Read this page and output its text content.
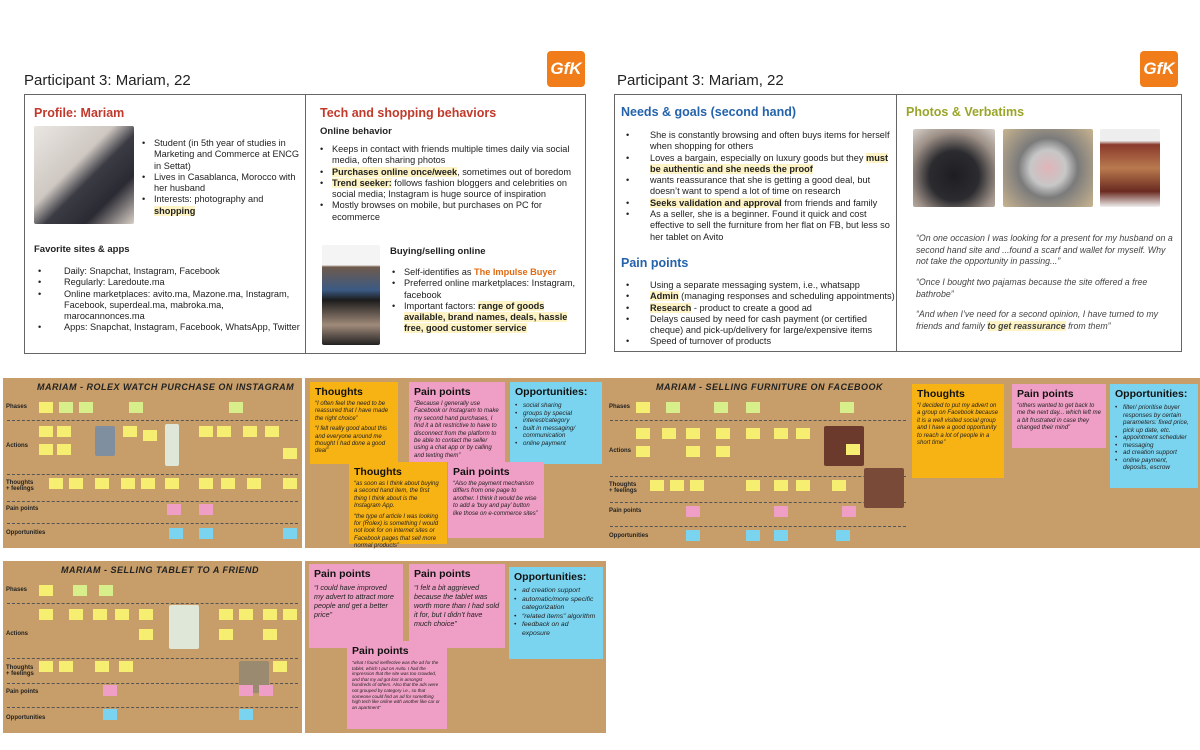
Participant 3: Mariam, 22
GfK
Profile: Mariam
• Student (in 5th year of studies in Marketing and Commerce at ENCG in Settat)
• Lives in Casablanca, Morocco with her husband
• Interests: photography and shopping
Favorite sites & apps
• Daily: Snapchat, Instagram, Facebook
• Regularly: Laredoute.ma
• Online marketplaces: avito.ma, Mazone.ma, Instagram, Facebook, superdeal.ma, mabroka.ma, marocannonces.ma
• Apps: Snapchat, Instagram, Facebook, WhatsApp, Twitter
Tech and shopping behaviors
Online behavior
• Keeps in contact with friends multiple times daily via social media, often sharing photos
• Purchases online once/week, sometimes out of boredom
• Trend seeker: follows fashion bloggers and celebrities on social media; Instagram is huge source of inspiration
• Mostly browses on mobile, but purchases on PC for ecommerce
Buying/selling online
• Self-identifies as The Impulse Buyer
• Preferred online marketplaces: Instagram, facebook
• Important factors: range of goods available, brand names, deals, hassle free, good customer service
Participant 3: Mariam, 22
GfK
Needs & goals (second hand)
• She is constantly browsing and often buys items for herself when shopping for others
• Loves a bargain, especially on luxury goods but they must be authentic and she needs the proof
• wants reassurance that she is getting a good deal, but doesn’t want to spend a lot of time on research
• Seeks validation and approval from friends and family
• As a seller, she is a beginner. Found it quick and cost effective to sell the furniture from her flat on FB, but less so her tablet on Avito
Pain points
• Using a separate messaging system, i.e., whatsapp
• Admin (managing responses and scheduling appointments)
• Research - product to create a good ad
• Delays caused by need for cash payment (or certified cheque) and pick-up/delivery for large/expensive items
• Speed of turnover of products
Photos & Verbatims
“On one occasion I was looking for a present for my husband on a second hand site and ...found a scarf and wallet for myself. Why not take the opportunity in passing...”
“Once I bought two pajamas because the site offered a free bathrobe”
“And when I’ve need for a second opinion, I have turned to my friends and family to get reassurance from them”
MARIAM - ROLEX WATCH PURCHASE ON INSTAGRAM
Phases
Actions
Thoughts + feelings
Pain points
Opportunities
MARIAM - SELLING FURNITURE ON FACEBOOK
Phases
Actions
Thoughts + feelings
Pain points
Opportunities
MARIAM - SELLING TABLET TO A FRIEND
Phases
Actions
Thoughts + feelings
Pain points
Opportunities
Thoughts
“I often feel the need to be reassured that I have made the right choice”
“I felt really good about this and everyone around me thought I had done a good deal”
Pain points
“Because I generally use Facebook or Instagram to make my second hand purchases, I find it a bit restrictive to have to disconnect from the platform to be able to contact the seller using a chat app or by calling and texting them”
Opportunities:
• social sharing
• groups by special interest/category
• built in messaging/ communication
• online payment
Thoughts
“as soon as I think about buying a second hand item, the first thing I think about is the Instagram App.
“the type of article I was looking for (Rolex) is something I would not look for on internet sites or Facebook pages that sell more normal products”
Pain points
“Also the payment mechanism differs from one page to another. I think it would be wise to add a ‘buy and pay’ button like those on e-commerce sites”
Thoughts
“I decided to put my advert on a group on Facebook because it is a well visited social group and I have a good opportunity to reach a lot of people in a short time”
Pain points
“others wanted to get back to me the next day... which left me a bit frustrated in case they changed their mind”
Opportunities:
• filter/ prioritise buyer responses by certain parameters: fixed price, pick up date, etc.
• appointment scheduler
• messaging
• ad creation support
• online payment, deposits, escrow
Pain points
“I could have improved my advert to attract more people and get a better price”
Pain points
“I felt a bit aggrieved because the tablet was worth more than I had sold it for, but I didn’t have much choice”
Opportunities:
• ad creation support
• automatic/more specific categorization
• “related items” algorithm
• feedback on ad exposure
Pain points
“what I found ineffective was the ad for the tablet, which I put on Avito. I had the impression that the site was too crowded, and that my ad got lost in amongst hundreds of others. Also that the ads were not grouped by category i.e., so that someone could find an ad for something high tech like online with another like car or an apartment”
